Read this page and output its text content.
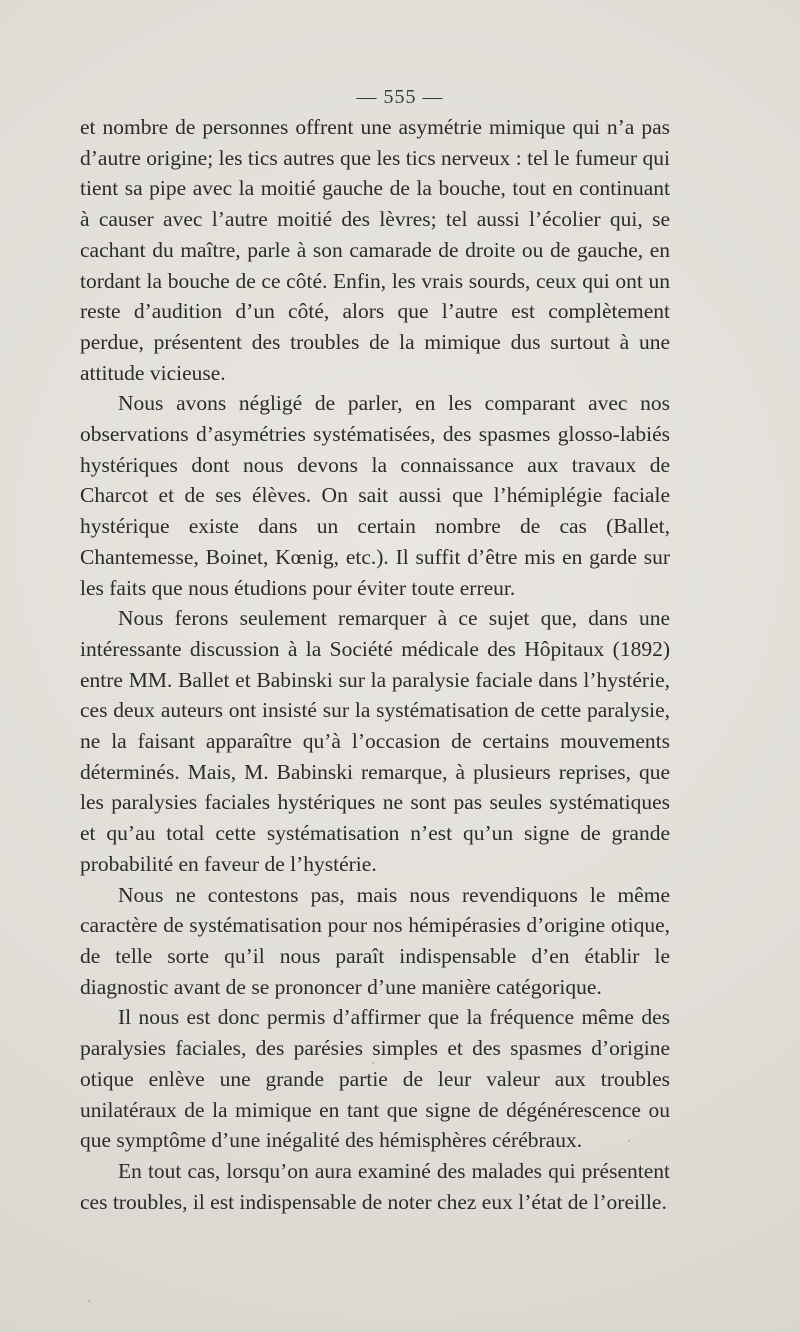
— 555 —

et nombre de personnes offrent une asymétrie mimique qui n’a pas d’autre origine; les tics autres que les tics nerveux : tel le fumeur qui tient sa pipe avec la moitié gauche de la bouche, tout en continuant à causer avec l’autre moitié des lèvres; tel aussi l’écolier qui, se cachant du maître, parle à son camarade de droite ou de gauche, en tordant la bouche de ce côté. Enfin, les vrais sourds, ceux qui ont un reste d’audition d’un côté, alors que l’autre est complètement perdue, présentent des troubles de la mimique dus surtout à une attitude vicieuse.

Nous avons négligé de parler, en les comparant avec nos observations d’asymétries systématisées, des spasmes glosso-labiés hystériques dont nous devons la connaissance aux travaux de Charcot et de ses élèves. On sait aussi que l’hémiplégie faciale hystérique existe dans un certain nombre de cas (Ballet, Chantemesse, Boinet, Kœnig, etc.). Il suffit d’être mis en garde sur les faits que nous étudions pour éviter toute erreur.

Nous ferons seulement remarquer à ce sujet que, dans une intéressante discussion à la Société médicale des Hôpitaux (1892) entre MM. Ballet et Babinski sur la paralysie faciale dans l’hystérie, ces deux auteurs ont insisté sur la systématisation de cette paralysie, ne la faisant apparaître qu’à l’occasion de certains mouvements déterminés. Mais, M. Babinski remarque, à plusieurs reprises, que les paralysies faciales hystériques ne sont pas seules systématiques et qu’au total cette systématisation n’est qu’un signe de grande probabilité en faveur de l’hystérie.

Nous ne contestons pas, mais nous revendiquons le même caractère de systématisation pour nos hémipérasies d’origine otique, de telle sorte qu’il nous paraît indispensable d’en établir le diagnostic avant de se prononcer d’une manière catégorique.

Il nous est donc permis d’affirmer que la fréquence même des paralysies faciales, des parésies simples et des spasmes d’origine otique enlève une grande partie de leur valeur aux troubles unilatéraux de la mimique en tant que signe de dégénérescence ou que symptôme d’une inégalité des hémisphères cérébraux.

En tout cas, lorsqu’on aura examiné des malades qui présentent ces troubles, il est indispensable de noter chez eux l’état de l’oreille.
